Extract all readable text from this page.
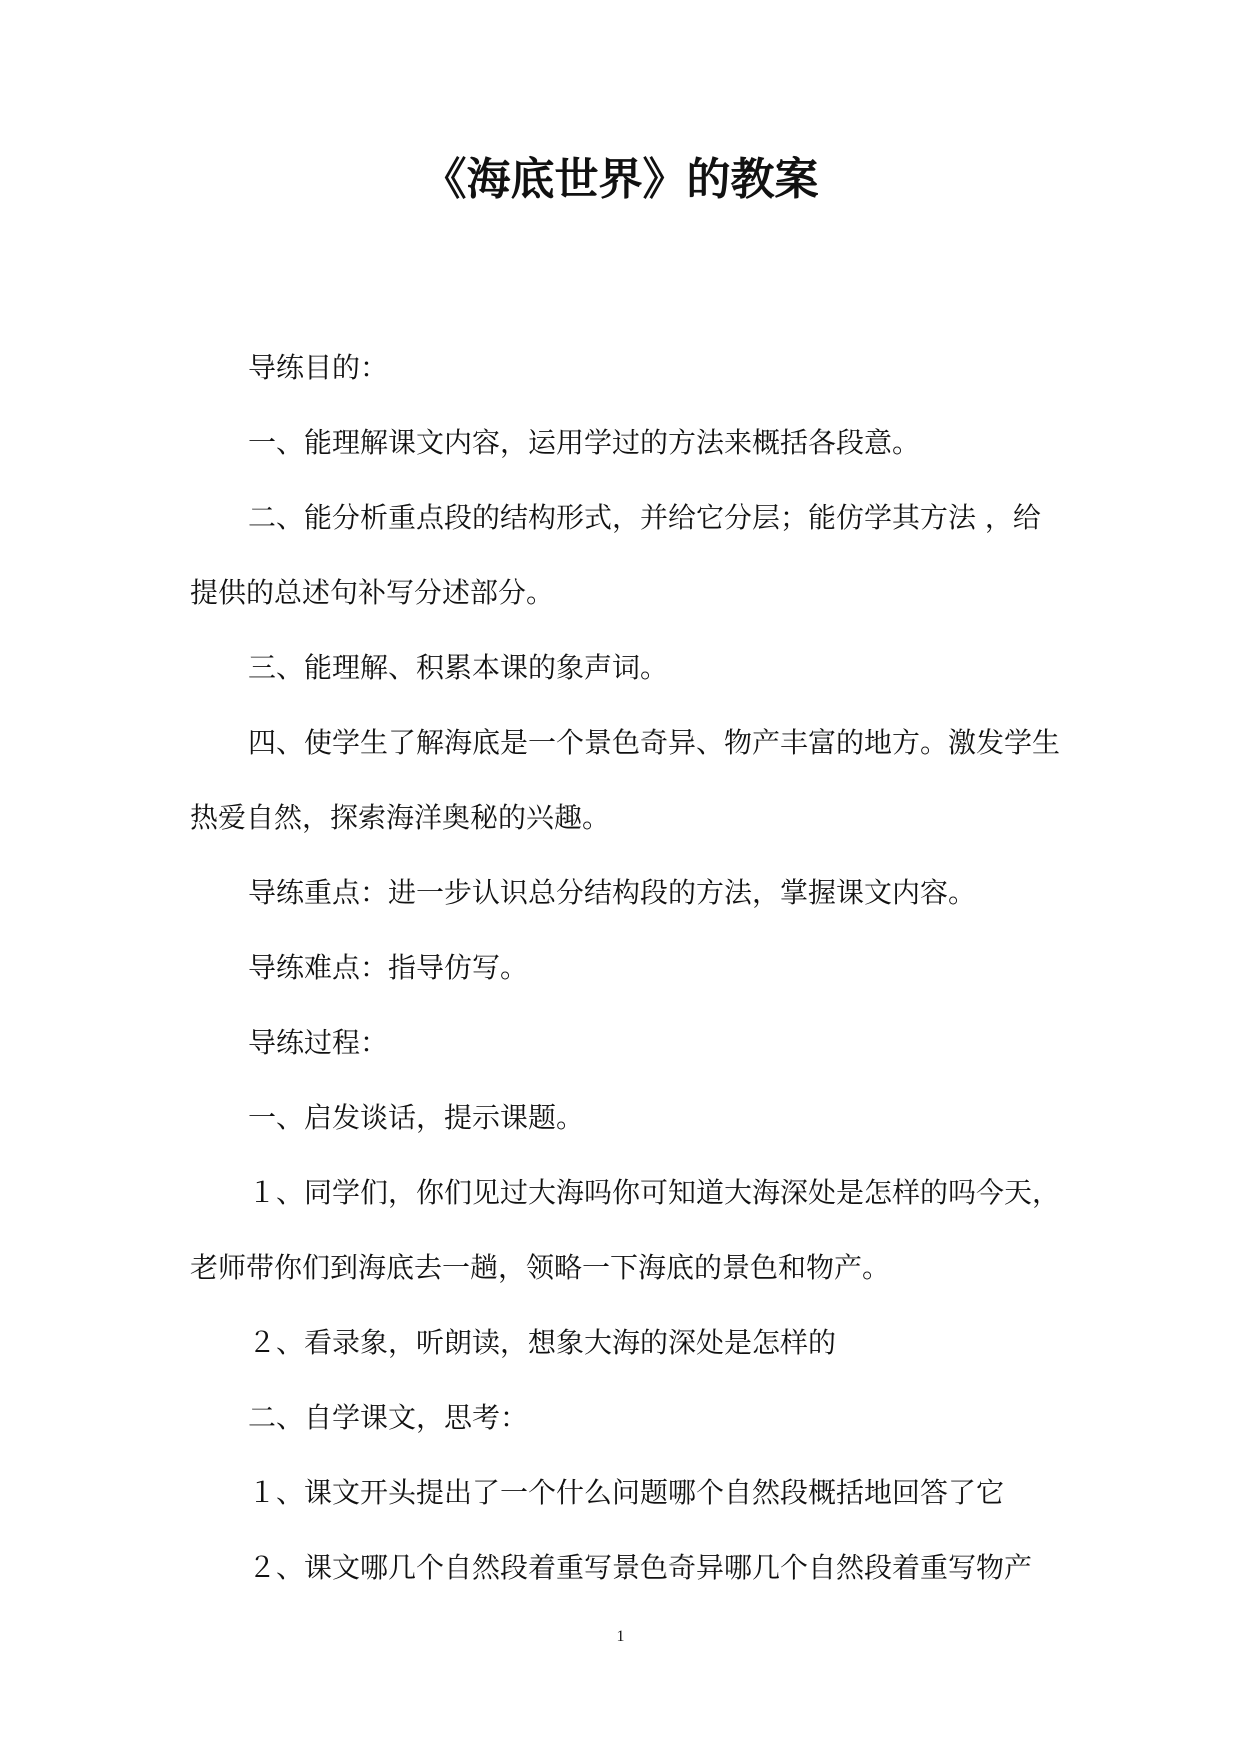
《海底世界》的教案

导练目的：

一、能理解课文内容，运用学过的方法来概括各段意。

二、能分析重点段的结构形式，并给它分层；能仿学其方法 ，给提供的总述句补写分述部分。

三、能理解、积累本课的象声词。

四、使学生了解海底是一个景色奇异、物产丰富的地方。激发学生热爱自然，探索海洋奥秘的兴趣。

导练重点：进一步认识总分结构段的方法，掌握课文内容。

导练难点：指导仿写。

导练过程：

一、启发谈话，提示课题。

１、同学们，你们见过大海吗你可知道大海深处是怎样的吗今天，老师带你们到海底去一趟，领略一下海底的景色和物产。

２、看录象，听朗读，想象大海的深处是怎样的

二、自学课文，思考：

１、课文开头提出了一个什么问题哪个自然段概括地回答了它

２、课文哪几个自然段着重写景色奇异哪几个自然段着重写物产

1
